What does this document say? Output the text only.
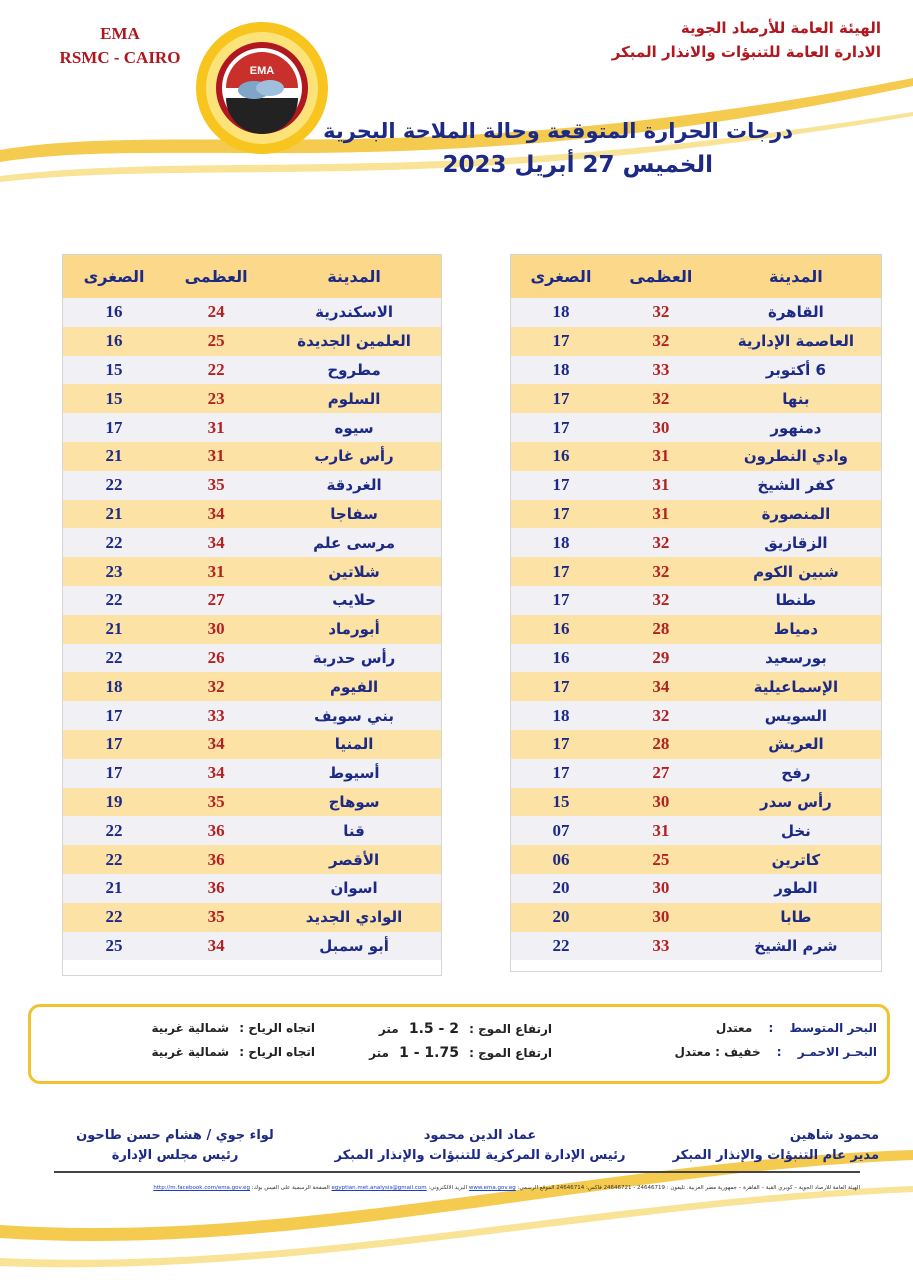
EMA
RSMC - CAIRO
EMA
الهيئة العامة للأرصاد الجوية
الادارة العامة للتنبؤات والانذار المبكر
درجات الحرارة المتوقعة وحالة الملاحة البحرية
الخميس 27 أبريل 2023
المدينة
العظمى
الصغرى
القاهرة
32
18
العاصمة الإدارية
32
17
6 أكتوبر
33
18
بنها
32
17
دمنهور
30
17
وادي النطرون
31
16
كفر الشيخ
31
17
المنصورة
31
17
الزقازيق
32
18
شبين الكوم
32
17
طنطا
32
17
دمياط
28
16
بورسعيد
29
16
الإسماعيلية
34
17
السويس
32
18
العريش
28
17
رفح
27
17
رأس سدر
30
15
نخل
31
07
كاترين
25
06
الطور
30
20
طابا
30
20
شرم الشيخ
33
22
المدينة
العظمى
الصغرى
الاسكندرية
24
16
العلمين الجديدة
25
16
مطروح
22
15
السلوم
23
15
سيوه
31
17
رأس غارب
31
21
الغردقة
35
22
سفاجا
34
21
مرسى علم
34
22
شلاتين
31
23
حلايب
27
22
أبورماد
30
21
رأس حدربة
26
22
الفيوم
32
18
بني سويف
33
17
المنيا
34
17
أسيوط
34
17
سوهاج
35
19
قنا
36
22
الأقصر
36
22
اسوان
36
21
الوادي الجديد
35
22
أبو سمبل
34
25
البحر المتوسط : معتدل
ارتفاع الموج : 1.5 - 2 متر
اتجاه الرياح : شمالية غربية
البحـر الاحمـر : خفيف : معتدل
ارتفاع الموج : 1 - 1.75 متر
اتجاه الرياح : شمالية غربية
محمود شاهين
مدير عام التنبؤات والإنذار المبكر
عماد الدين محمود
رئيس الإدارة المركزية للتنبؤات والإنذار المبكر
لواء جوي / هشام حسن طاحون
رئيس مجلس الإدارة
الهيئة العامة للأرصاد الجوية – كوبري القبة – القاهرة – جمهورية مصر العربية. تليفون : 24646719 - 24646721 فاكس: 24646714 الموقع الرسمي: www.ema.gov.eg البريد الالكتروني: egyptian.met.analysis@gmail.com الصفحة الرسمية على الفيس بوك: http://m.facebook.com/ema.gov.eg
